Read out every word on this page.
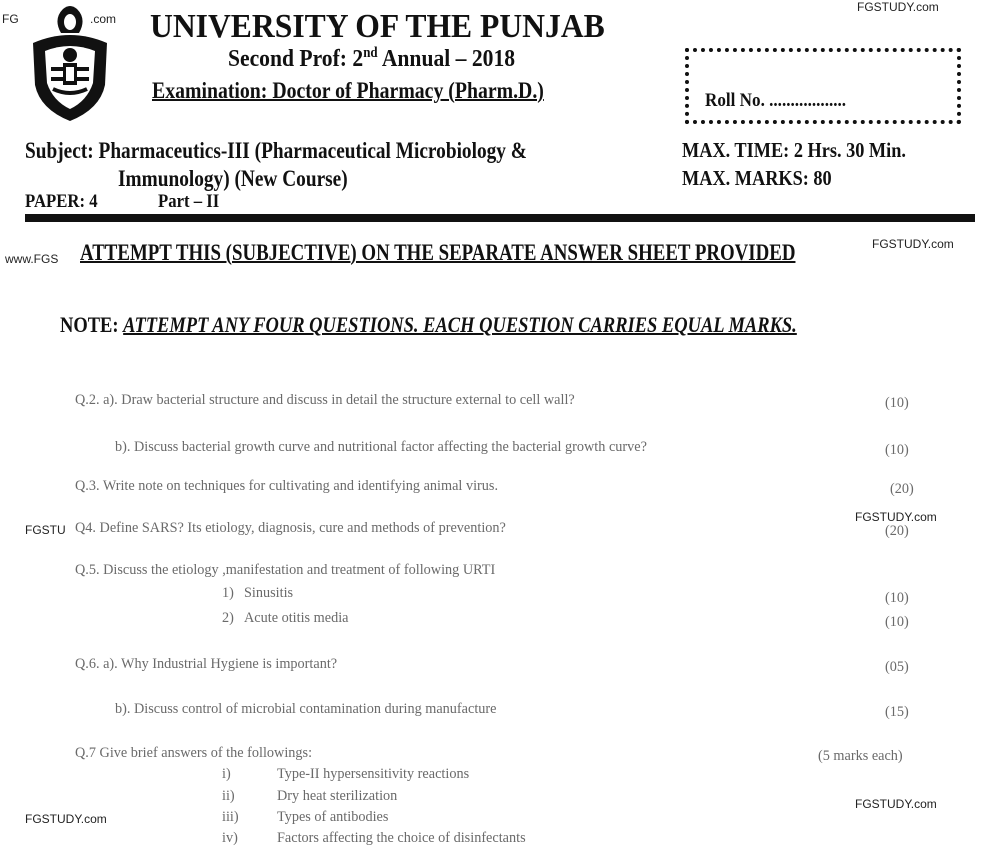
FGSTUDY.com
FG .com
www.FGS
FGSTUDY.com
FGSTU
FGSTUDY.com
FGSTUDY.com
FGSTUDY.com
UNIVERSITY OF THE PUNJAB
Second Prof: 2nd Annual – 2018
Examination: Doctor of Pharmacy (Pharm.D.)	Roll No. ..................
Subject: Pharmaceutics-III (Pharmaceutical Microbiology &
Immunology) (New Course)
MAX. TIME: 2 Hrs. 30 Min.
MAX. MARKS: 80
PAPER: 4	Part – II
ATTEMPT THIS (SUBJECTIVE) ON THE SEPARATE ANSWER SHEET PROVIDED
NOTE: ATTEMPT ANY FOUR QUESTIONS. EACH QUESTION CARRIES EQUAL MARKS.
Q.2. a). Draw bacterial structure and discuss in detail the structure external to cell wall?	(10)
b). Discuss bacterial growth curve and nutritional factor affecting the bacterial growth curve?	(10)
Q.3. Write note on techniques for cultivating and identifying animal virus.	(20)
Q4. Define SARS? Its etiology, diagnosis, cure and methods of prevention?	(20)
Q.5. Discuss the etiology ,manifestation and treatment of following URTI
1) Sinusitis	(10)
2) Acute otitis media	(10)
Q.6. a). Why Industrial Hygiene is important?	(05)
b). Discuss control of microbial contamination during manufacture	(15)
Q.7 Give brief answers of the followings:	(5 marks each)
i)	Type-II hypersensitivity reactions
ii)	Dry heat sterilization
iii)	Types of antibodies
iv)	Factors affecting the choice of disinfectants
